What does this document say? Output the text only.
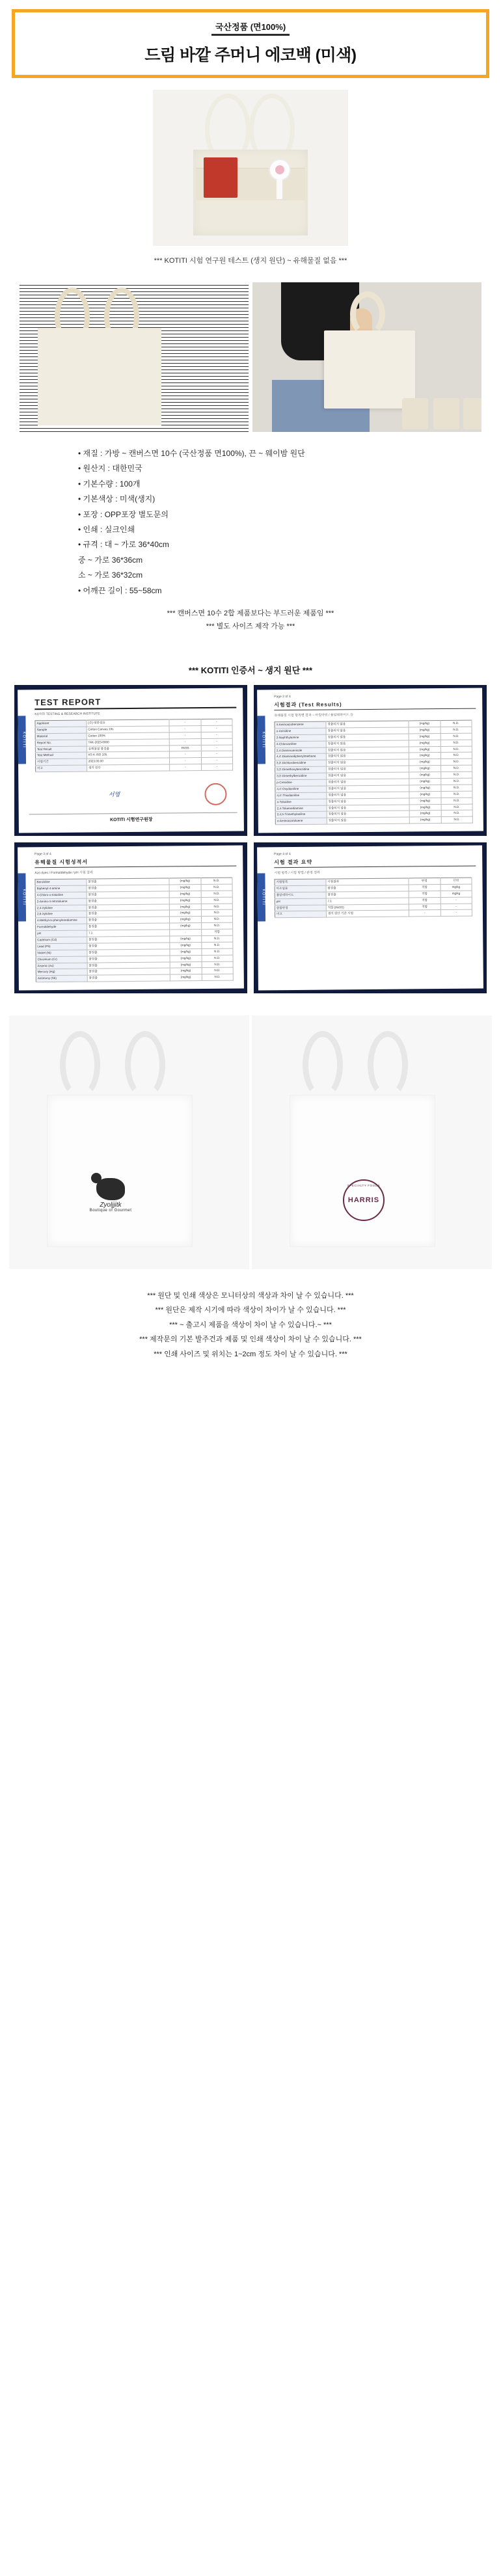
국산정품 (면100%)
드림 바깥 주머니 에코백 (미색)
*** KOTITI 시험 연구원 테스트 (생지 원단) ~ 유해물질 없음 ***
• 재질 : 가방 ~ 캔버스면 10수 (국산정품 면100%), 끈 ~ 웨이밤 원단
• 원산지 : 대한민국
• 기본수량 : 100개
• 기본색상 : 미색(생지)
• 포장 : OPP포장 별도문의
• 인쇄 : 실크인쇄
• 규격 : 대 ~ 가로 36*40cm
중 ~ 가로 36*36cm
소 ~ 가로 36*32cm
• 어깨끈 길이 : 55~58cm
*** 캔버스면 10수 2합 제품보다는 부드러운 제품임 ***
*** 별도 사이즈 제작 가능 ***
*** KOTITI 인증서 ~ 생지 원단 ***
KOTITI
TEST REPORT
KOTITI TESTING & RESEARCH INSTITUTE
Applicant	(주) 대한섬유	-	-
Sample	Cotton Canvas 10s	-	-
Material	Cotton 100%	-	-
Report No.	TAK-2023-0000	-	-
Test Result	유해물질 불검출	PASS	-
Test Method	KS K ISO 105	-	-
시험기간	2023.00.00	-	-
비고	생지 원단	-	-
서명
KOTITI 시험연구원장
KOTITI
Page 2 of 4
시험결과 (Test Results)
유해물질 시험 항목별 결과 ~ 아릴아민 / 폼알데하이드 등
4-Aminoazobenzene	검출되지 않음	(mg/kg)	N.D.
o-Anisidine	검출되지 않음	(mg/kg)	N.D.
2-Naphthylamine	검출되지 않음	(mg/kg)	N.D.
4-Chloroaniline	검출되지 않음	(mg/kg)	N.D.
2,4-Diaminoanisole	검출되지 않음	(mg/kg)	N.D.
4,4'-Diaminodiphenylmethane	검출되지 않음	(mg/kg)	N.D.
3,3'-Dichlorobenzidine	검출되지 않음	(mg/kg)	N.D.
3,3'-Dimethoxybenzidine	검출되지 않음	(mg/kg)	N.D.
3,3'-Dimethylbenzidine	검출되지 않음	(mg/kg)	N.D.
p-Cresidine	검출되지 않음	(mg/kg)	N.D.
4,4'-Oxydianiline	검출되지 않음	(mg/kg)	N.D.
4,4'-Thiodianiline	검출되지 않음	(mg/kg)	N.D.
o-Toluidine	검출되지 않음	(mg/kg)	N.D.
2,4-Toluenediamine	검출되지 않음	(mg/kg)	N.D.
2,4,5-Trimethylaniline	검출되지 않음	(mg/kg)	N.D.
o-Aminoazotoluene	검출되지 않음	(mg/kg)	N.D.
KOTITI
Page 3 of 4
유해물질 시험성적서
Azo dyes / Formaldehyde / pH 시험 결과
Benzidine	불검출	(mg/kg)	N.D.
Biphenyl-4-amine	불검출	(mg/kg)	N.D.
4-Chloro-o-toluidine	불검출	(mg/kg)	N.D.
2-Amino-4-nitrotoluene	불검출	(mg/kg)	N.D.
2,4-Xylidine	불검출	(mg/kg)	N.D.
2,6-Xylidine	불검출	(mg/kg)	N.D.
4-Methyl-m-phenylenediamine	불검출	(mg/kg)	N.D.
Formaldehyde	불검출	(mg/kg)	N.D.
pH	7.1	-	적합
Cadmium (Cd)	불검출	(mg/kg)	N.D.
Lead (Pb)	불검출	(mg/kg)	N.D.
Nickel (Ni)	불검출	(mg/kg)	N.D.
Chromium (Cr)	불검출	(mg/kg)	N.D.
Arsenic (As)	불검출	(mg/kg)	N.D.
Mercury (Hg)	불검출	(mg/kg)	N.D.
Antimony (Sb)	불검출	(mg/kg)	N.D.
KOTITI
Page 4 of 4
시험 결과 요약
시험 항목 / 시험 방법 / 판정 결과
시험항목	시험결과	판정	단위
아조염료	불검출	적합	mg/kg
폼알데하이드	불검출	적합	mg/kg
pH	7.1	적합	-
종합판정	적합 (PASS)	적합	-
비고	생지 원단 기준 시험	-	-
Zyoljjitk
Boutique of Gourmet
SPECIALTY FOODS
HARRIS
*** 원단 및 인쇄 색상은 모니터상의 색상과 차이 날 수 있습니다. ***
*** 원단은 제작 시기에 따라 색상이 차이가 날 수 있습니다. ***
*** ~ 출고시 제품을 색상이 차이 날 수 있습니다.~ ***
*** 제작문의 기본 발주건과 제품 및 인쇄 색상이 차이 날 수 있습니다. ***
*** 인쇄 사이즈 및 위치는 1~2cm 정도 차이 날 수 있습니다. ***
